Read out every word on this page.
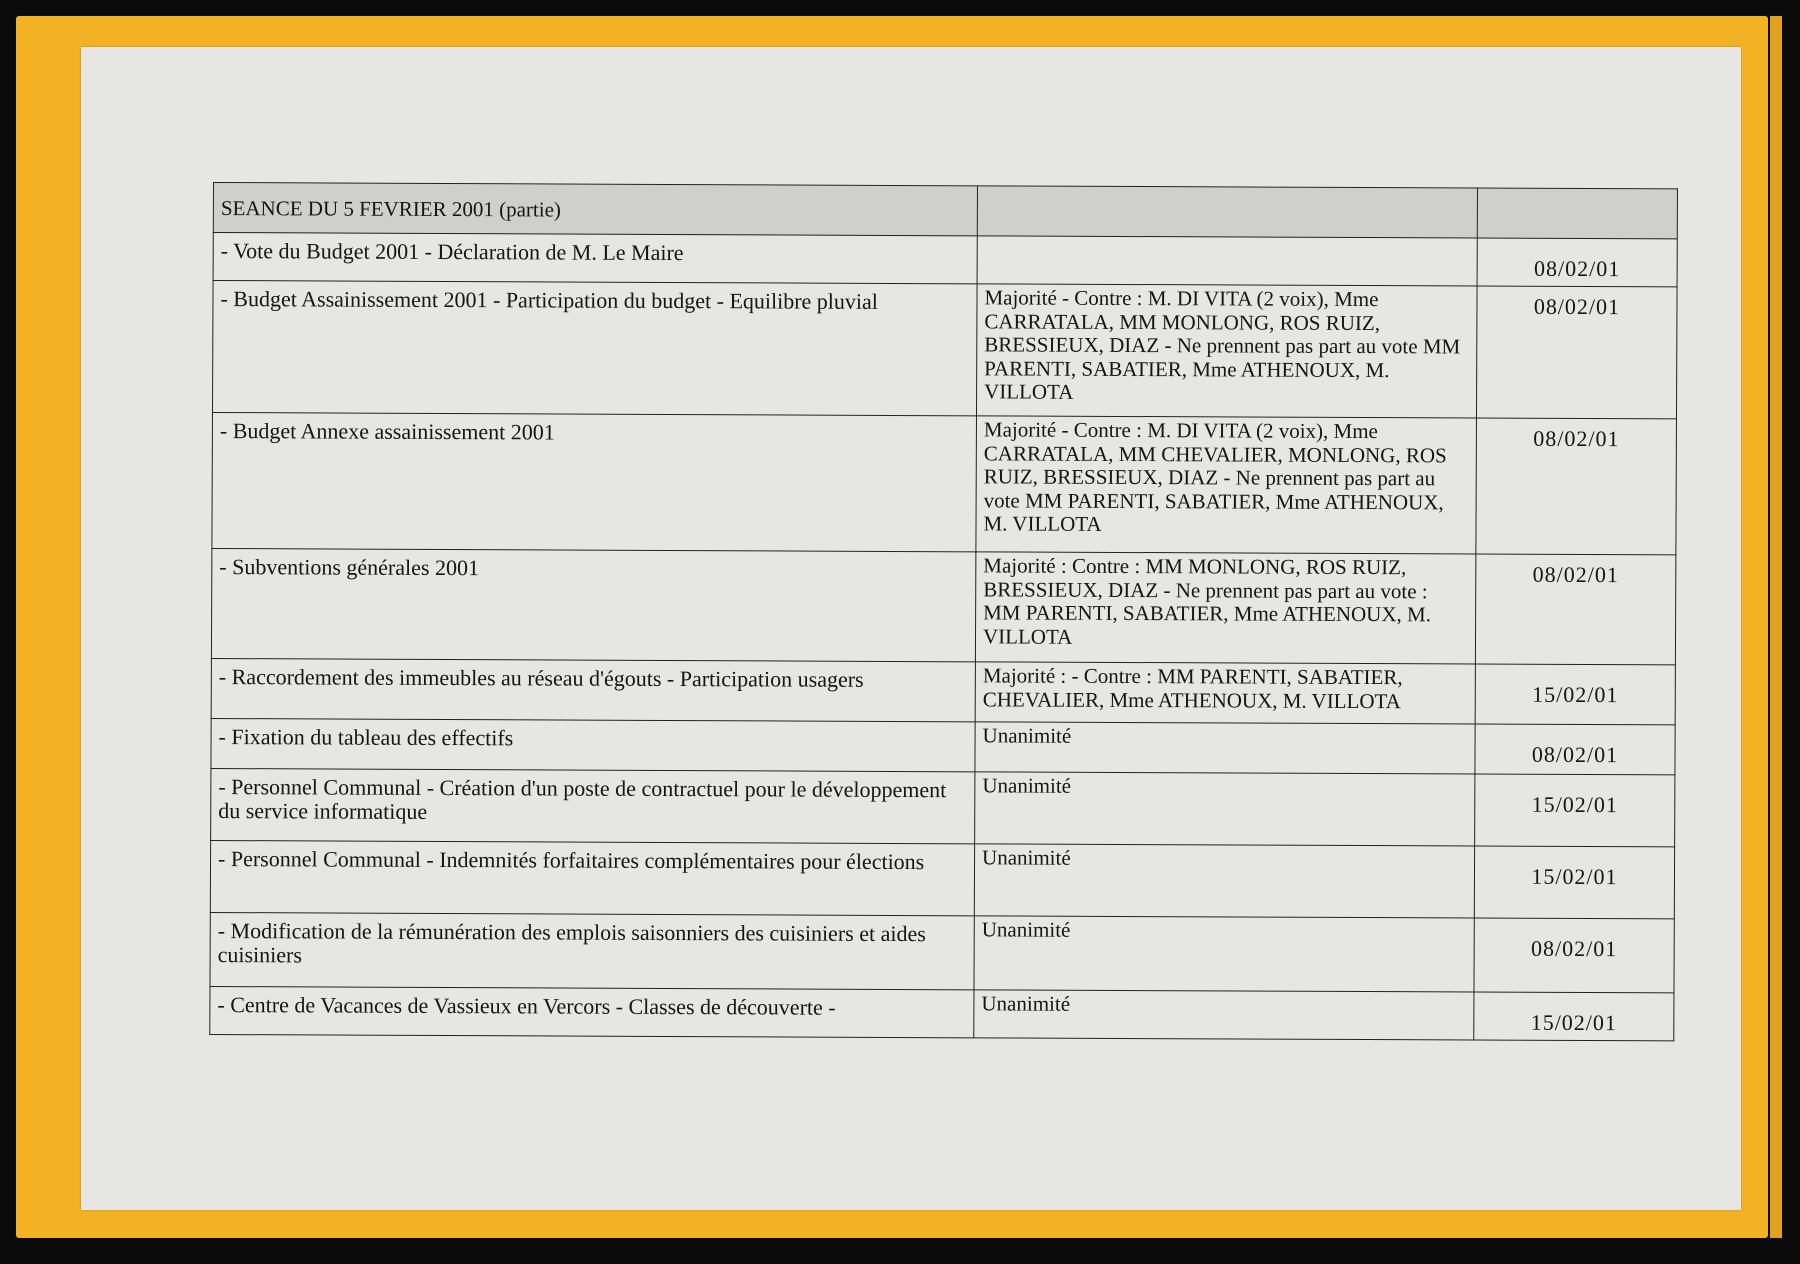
SEANCE DU 5 FEVRIER 2001 (partie)		
- Vote du Budget 2001 - Déclaration de M. Le Maire		08/02/01
- Budget Assainissement 2001 - Participation du budget - Equilibre pluvial	Majorité - Contre : M. DI VITA (2 voix), Mme CARRATALA, MM MONLONG, ROS RUIZ, BRESSIEUX, DIAZ - Ne prennent pas part au vote MM PARENTI, SABATIER, Mme ATHENOUX, M. VILLOTA	08/02/01
- Budget Annexe assainissement 2001	Majorité - Contre : M. DI VITA (2 voix), Mme CARRATALA, MM CHEVALIER, MONLONG, ROS RUIZ, BRESSIEUX, DIAZ - Ne prennent pas part au vote MM PARENTI, SABATIER, Mme ATHENOUX, M. VILLOTA	08/02/01
- Subventions générales 2001	Majorité : Contre : MM MONLONG, ROS RUIZ, BRESSIEUX, DIAZ - Ne prennent pas part au vote : MM PARENTI, SABATIER, Mme ATHENOUX, M. VILLOTA	08/02/01
- Raccordement des immeubles au réseau d'égouts - Participation usagers	Majorité : - Contre : MM PARENTI, SABATIER, CHEVALIER, Mme ATHENOUX, M. VILLOTA	15/02/01
- Fixation du tableau des effectifs	Unanimité	08/02/01
- Personnel Communal - Création d'un poste de contractuel pour le développement du service informatique	Unanimité	15/02/01
- Personnel Communal - Indemnités forfaitaires complémentaires pour élections	Unanimité	15/02/01
- Modification de la rémunération des emplois saisonniers des cuisiniers et aides cuisiniers	Unanimité	08/02/01
- Centre de Vacances de Vassieux en Vercors - Classes de découverte -	Unanimité	15/02/01
